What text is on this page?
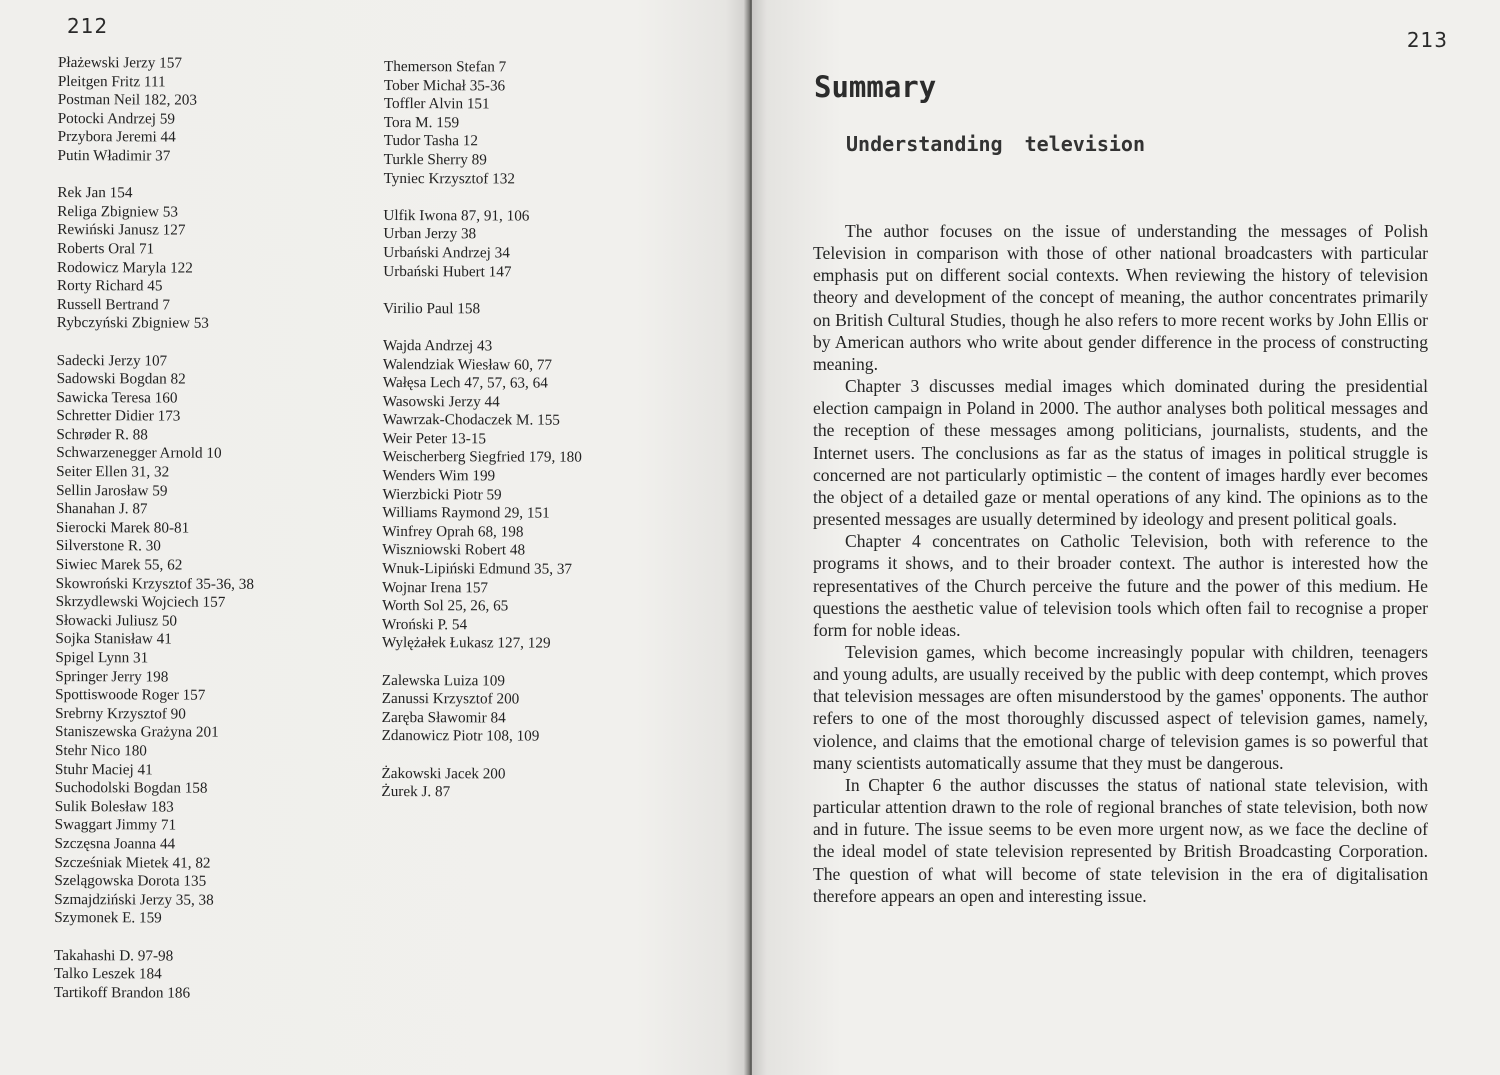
212
Płażewski Jerzy 157
Pleitgen Fritz 111
Postman Neil 182, 203
Potocki Andrzej 59
Przybora Jeremi 44
Putin Władimir 37
Rek Jan 154
Religa Zbigniew 53
Rewiński Janusz 127
Roberts Oral 71
Rodowicz Maryla 122
Rorty Richard 45
Russell Bertrand 7
Rybczyński Zbigniew 53
Sadecki Jerzy 107
Sadowski Bogdan 82
Sawicka Teresa 160
Schretter Didier 173
Schrøder R. 88
Schwarzenegger Arnold 10
Seiter Ellen 31, 32
Sellin Jarosław 59
Shanahan J. 87
Sierocki Marek 80-81
Silverstone R. 30
Siwiec Marek 55, 62
Skowroński Krzysztof 35-36, 38
Skrzydlewski Wojciech 157
Słowacki Juliusz 50
Sojka Stanisław 41
Spigel Lynn 31
Springer Jerry 198
Spottiswoode Roger 157
Srebrny Krzysztof 90
Staniszewska Grażyna 201
Stehr Nico 180
Stuhr Maciej 41
Suchodolski Bogdan 158
Sulik Bolesław 183
Swaggart Jimmy 71
Szczęsna Joanna 44
Szcześniak Mietek 41, 82
Szelągowska Dorota 135
Szmajdziński Jerzy 35, 38
Szymonek E. 159
Takahashi D. 97-98
Talko Leszek 184
Tartikoff Brandon 186
Themerson Stefan 7
Tober Michał 35-36
Toffler Alvin 151
Tora M. 159
Tudor Tasha 12
Turkle Sherry 89
Tyniec Krzysztof 132
Ulfik Iwona 87, 91, 106
Urban Jerzy 38
Urbański Andrzej 34
Urbański Hubert 147
Virilio Paul 158
Wajda Andrzej 43
Walendziak Wiesław 60, 77
Wałęsa Lech 47, 57, 63, 64
Wasowski Jerzy 44
Wawrzak-Chodaczek M. 155
Weir Peter 13-15
Weischerberg Siegfried 179, 180
Wenders Wim 199
Wierzbicki Piotr 59
Williams Raymond 29, 151
Winfrey Oprah 68, 198
Wiszniowski Robert 48
Wnuk-Lipiński Edmund 35, 37
Wojnar Irena 157
Worth Sol 25, 26, 65
Wroński P. 54
Wylężałek Łukasz 127, 129
Zalewska Luiza 109
Zanussi Krzysztof 200
Zaręba Sławomir 84
Zdanowicz Piotr 108, 109
Żakowski Jacek 200
Żurek J. 87
213
Summary
Understanding television

The author focuses on the issue of understanding the messages of Polish Television in comparison with those of other national broadcasters with particular emphasis put on different social contexts. When reviewing the history of television theory and development of the concept of meaning, the author concentrates primarily on British Cultural Studies, though he also refers to more recent works by John Ellis or by American authors who write about gender difference in the process of constructing meaning.

Chapter 3 discusses medial images which dominated during the presidential election campaign in Poland in 2000. The author analyses both political messages and the reception of these messages among politicians, journalists, students, and the Internet users. The conclusions as far as the status of images in political struggle is concerned are not particularly optimistic – the content of images hardly ever becomes the object of a detailed gaze or mental operations of any kind. The opinions as to the presented messages are usually determined by ideology and present political goals.

Chapter 4 concentrates on Catholic Television, both with reference to the programs it shows, and to their broader context. The author is interested how the representatives of the Church perceive the future and the power of this medium. He questions the aesthetic value of television tools which often fail to recognise a proper form for noble ideas.

Television games, which become increasingly popular with children, teenagers and young adults, are usually received by the public with deep contempt, which proves that television messages are often misunderstood by the games' opponents. The author refers to one of the most thoroughly discussed aspect of television games, namely, violence, and claims that the emotional charge of television games is so powerful that many scientists automatically assume that they must be dangerous.

In Chapter 6 the author discusses the status of national state television, with particular attention drawn to the role of regional branches of state television, both now and in future. The issue seems to be even more urgent now, as we face the decline of the ideal model of state television represented by British Broadcasting Corporation. The question of what will become of state television in the era of digitalisation therefore appears an open and interesting issue.
